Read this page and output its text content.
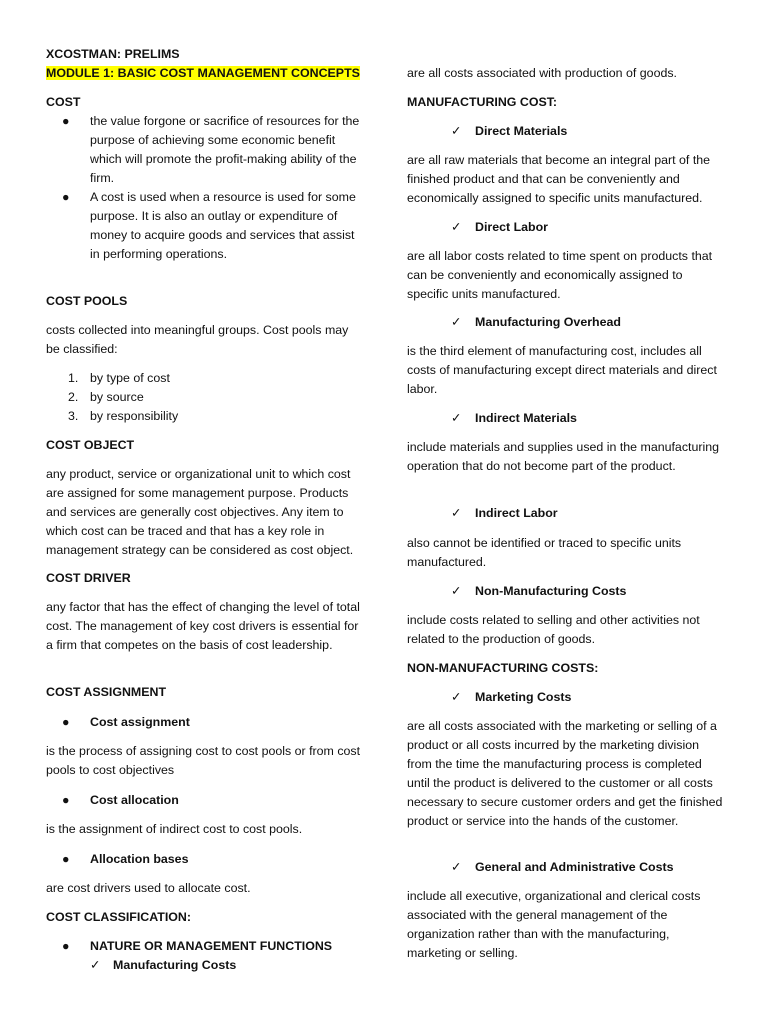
XCOSTMAN: PRELIMS

MODULE 1: BASIC COST MANAGEMENT CONCEPTS

COST

●	the value forgone or sacrifice of resources for the purpose of achieving some economic benefit which will promote the profit-making ability of the firm.
●	A cost is used when a resource is used for some purpose. It is also an outlay or expenditure of money to acquire goods and services that assist in performing operations.

COST POOLS

costs collected into meaningful groups. Cost pools may be classified:

1. by type of cost
2. by source
3. by responsibility

COST OBJECT

any product, service or organizational unit to which cost are assigned for some management purpose. Products and services are generally cost objectives. Any item to which cost can be traced and that has a key role in management strategy can be considered as cost object.

COST DRIVER

any factor that has the effect of changing the level of total cost. The management of key cost drivers is essential for a firm that competes on the basis of cost leadership.

COST ASSIGNMENT

●	Cost assignment

is the process of assigning cost to cost pools or from cost pools to cost objectives

●	Cost allocation

is the assignment of indirect cost to cost pools.

●	Allocation bases

are cost drivers used to allocate cost.

COST CLASSIFICATION:

●	NATURE OR MANAGEMENT FUNCTIONS
✓	Manufacturing Costs

are all costs associated with production of goods.

MANUFACTURING COST:

✓	Direct Materials

are all raw materials that become an integral part of the finished product and that can be conveniently and economically assigned to specific units manufactured.

✓	Direct Labor

are all labor costs related to time spent on products that can be conveniently and economically assigned to specific units manufactured.

✓	Manufacturing Overhead

is the third element of manufacturing cost, includes all costs of manufacturing except direct materials and direct labor.

✓	Indirect Materials

include materials and supplies used in the manufacturing operation that do not become part of the product.

✓	Indirect Labor

also cannot be identified or traced to specific units manufactured.

✓	Non-Manufacturing Costs

include costs related to selling and other activities not related to the production of goods.

NON-MANUFACTURING COSTS:

✓	Marketing Costs

are all costs associated with the marketing or selling of a product or all costs incurred by the marketing division from the time the manufacturing process is completed until the product is delivered to the customer or all costs necessary to secure customer orders and get the finished product or service into the hands of the customer.

✓	General and Administrative Costs

include all executive, organizational and clerical costs associated with the general management of the organization rather than with the manufacturing, marketing or selling.
